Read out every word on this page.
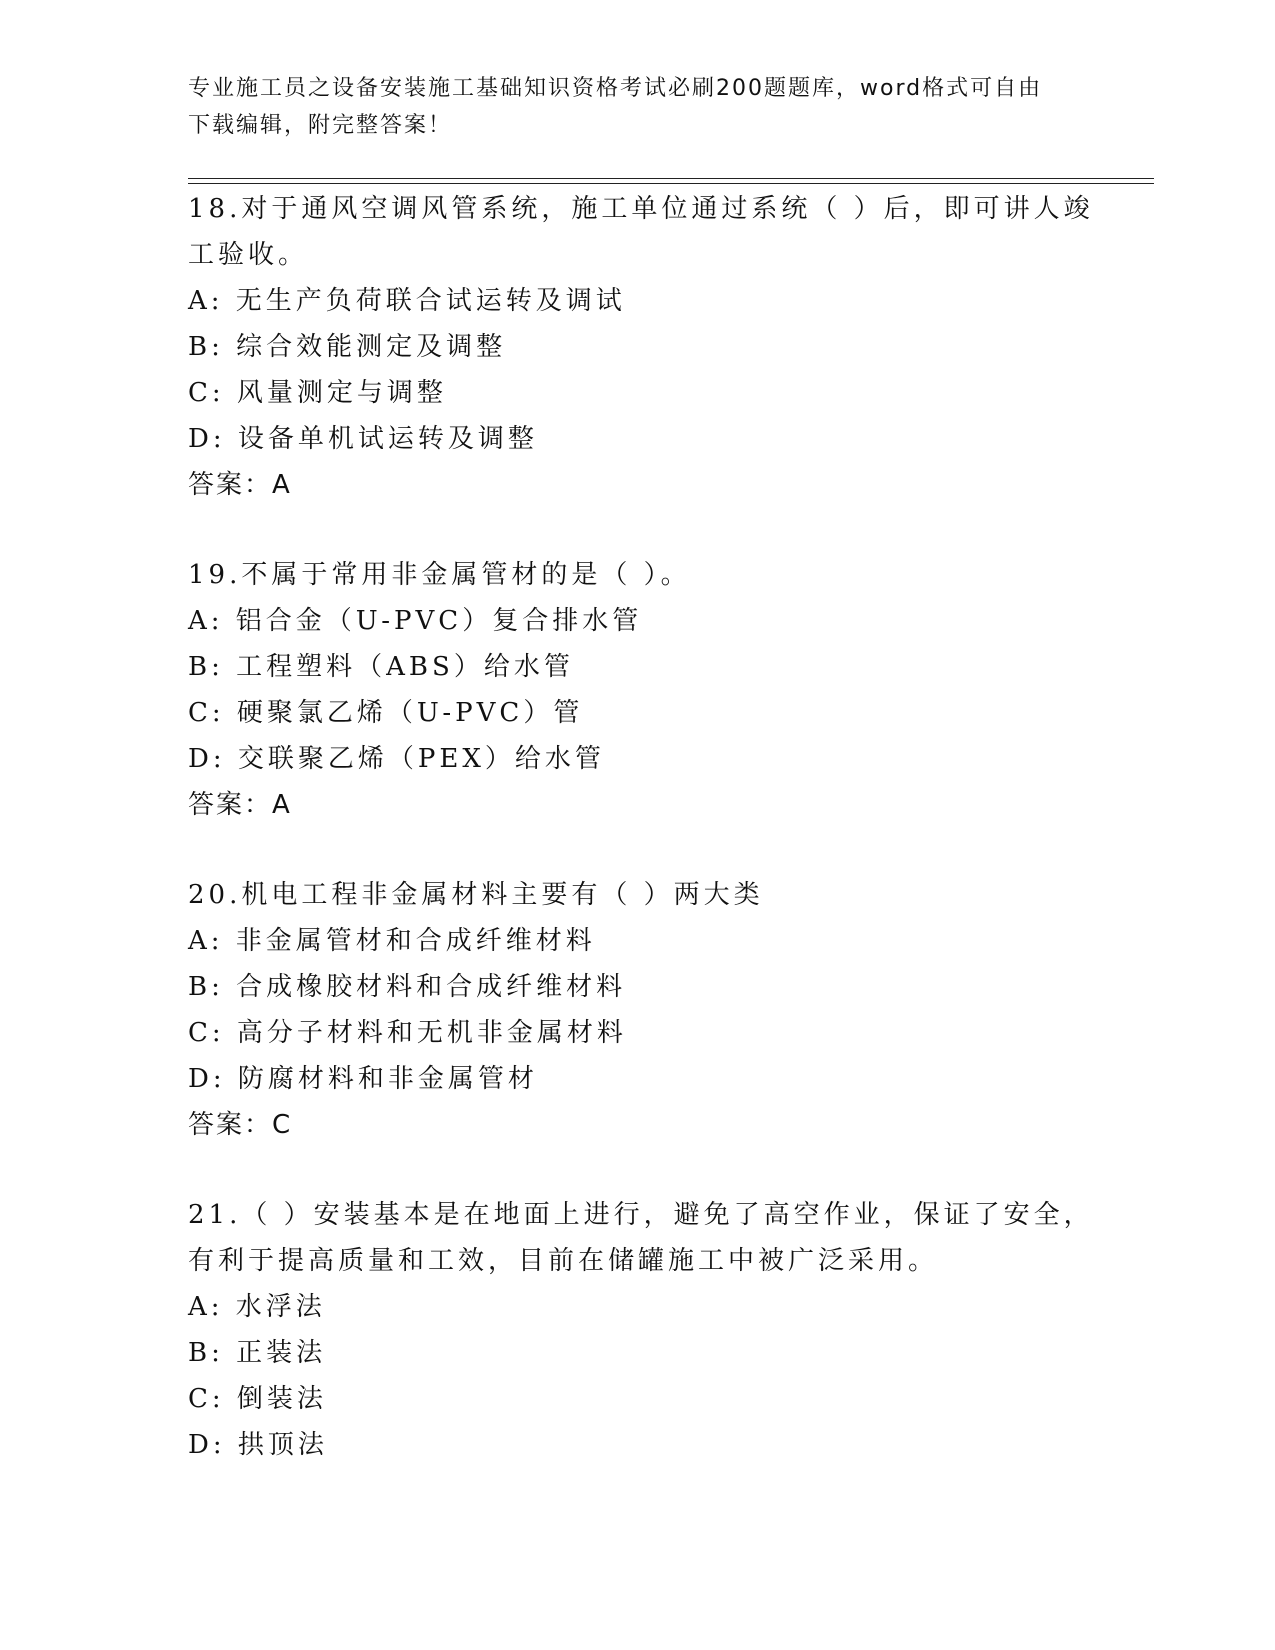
专业施工员之设备安装施工基础知识资格考试必刷200题题库，word格式可自由
下载编辑，附完整答案！
18.对于通风空调风管系统，施工单位通过系统（ ）后，即可讲人竣
工验收。
A: 无生产负荷联合试运转及调试
B: 综合效能测定及调整
C: 风量测定与调整
D: 设备单机试运转及调整
答案：A
19.不属于常用非金属管材的是（ ）。
A: 铝合金（U-PVC）复合排水管
B: 工程塑料（ABS）给水管
C: 硬聚氯乙烯（U-PVC）管
D: 交联聚乙烯（PEX）给水管
答案：A
20.机电工程非金属材料主要有（ ）两大类
A: 非金属管材和合成纤维材料
B: 合成橡胶材料和合成纤维材料
C: 高分子材料和无机非金属材料
D: 防腐材料和非金属管材
答案：C
21.（ ）安装基本是在地面上进行，避免了高空作业，保证了安全，
有利于提高质量和工效，目前在储罐施工中被广泛采用。
A: 水浮法
B: 正装法
C: 倒装法
D: 拱顶法
